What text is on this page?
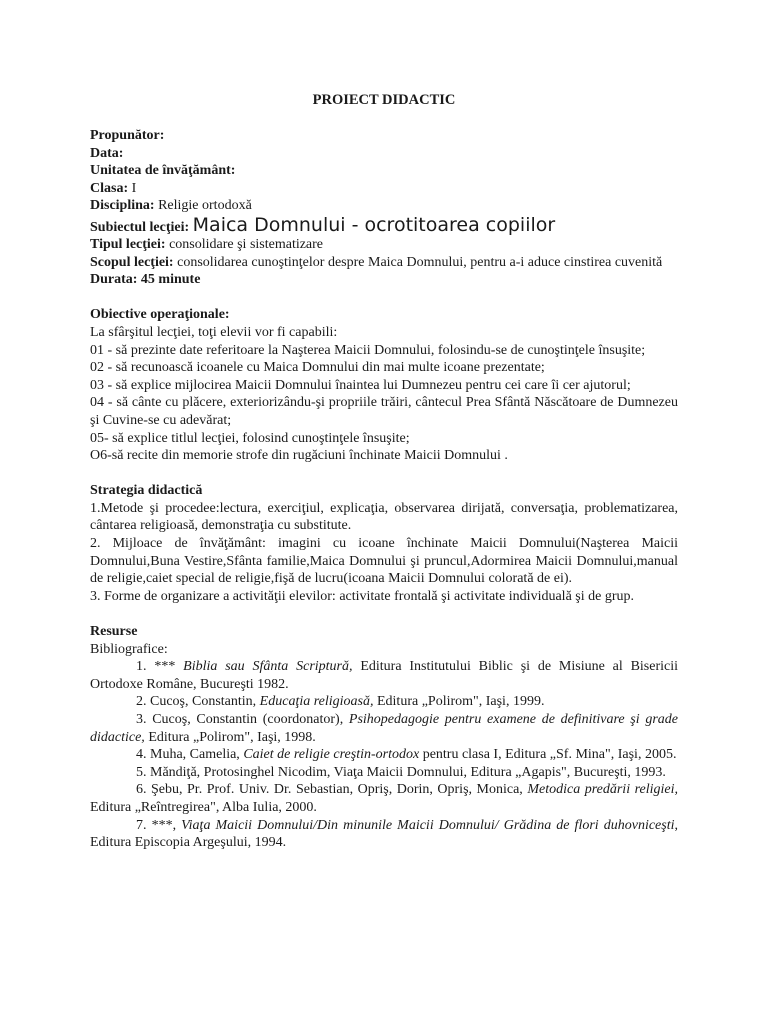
PROIECT DIDACTIC

Propunător:

Data:

Unitatea de învăţământ:

Clasa: I

Disciplina: Religie ortodoxă

Subiectul lecţiei: Maica Domnului - ocrotitoarea copiilor

Tipul lecţiei: consolidare şi sistematizare

Scopul lecţiei: consolidarea cunoştinţelor despre Maica Domnului, pentru a-i aduce cinstirea cuvenită

Durata: 45 minute

Obiective operaţionale:

La sfârşitul lecţiei, toţi elevii vor fi capabili:

01 - să prezinte date referitoare la Naşterea Maicii Domnului, folosindu-se de cunoştinţele însuşite;

02 - să recunoască icoanele cu Maica Domnului din mai multe icoane prezentate;

03 - să explice mijlocirea Maicii Domnului înaintea lui Dumnezeu pentru cei care îi cer ajutorul;

04 - să cânte cu plăcere, exteriorizându-şi propriile trăiri, cântecul Prea Sfântă Născătoare de Dumnezeu şi Cuvine-se cu adevărat;

05- să explice titlul lecţiei, folosind cunoştinţele însuşite;

O6-să recite din memorie strofe din rugăciuni închinate Maicii Domnului .

Strategia didactică

1.Metode şi procedee:lectura, exerciţiul, explicaţia, observarea dirijată, conversaţia, problematizarea, cântarea religioasă, demonstraţia cu substitute.

2. Mijloace de învăţământ: imagini cu icoane închinate Maicii Domnului(Naşterea Maicii Domnului,Buna Vestire,Sfânta familie,Maica Domnului şi pruncul,Adormirea Maicii Domnului,manual de religie,caiet special de religie,fişă de lucru(icoana Maicii Domnului colorată de ei).

3. Forme de organizare a activităţii elevilor: activitate frontală şi activitate individuală şi de grup.

Resurse

Bibliografice:

1. *** Biblia sau Sfânta Scriptură, Editura Institutului Biblic şi de Misiune al Bisericii Ortodoxe Române, Bucureşti 1982.

2. Cucoş, Constantin, Educaţia religioasă, Editura „Polirom", Iaşi, 1999.

3. Cucoş, Constantin (coordonator), Psihopedagogie pentru examene de definitivare şi grade didactice, Editura „Polirom", Iaşi, 1998.

4. Muha, Camelia, Caiet de religie creştin-ortodox pentru clasa I, Editura „Sf. Mina", Iaşi, 2005.

5. Măndiţă, Protosinghel Nicodim, Viaţa Maicii Domnului, Editura „Agapis", Bucureşti, 1993.

6. Şebu, Pr. Prof. Univ. Dr. Sebastian, Opriş, Dorin, Opriş, Monica, Metodica predării religiei, Editura „Reîntregirea", Alba Iulia, 2000.

7. ***, Viaţa Maicii Domnului/Din minunile Maicii Domnului/ Grădina de flori duhovniceşti, Editura Episcopia Argeşului, 1994.
